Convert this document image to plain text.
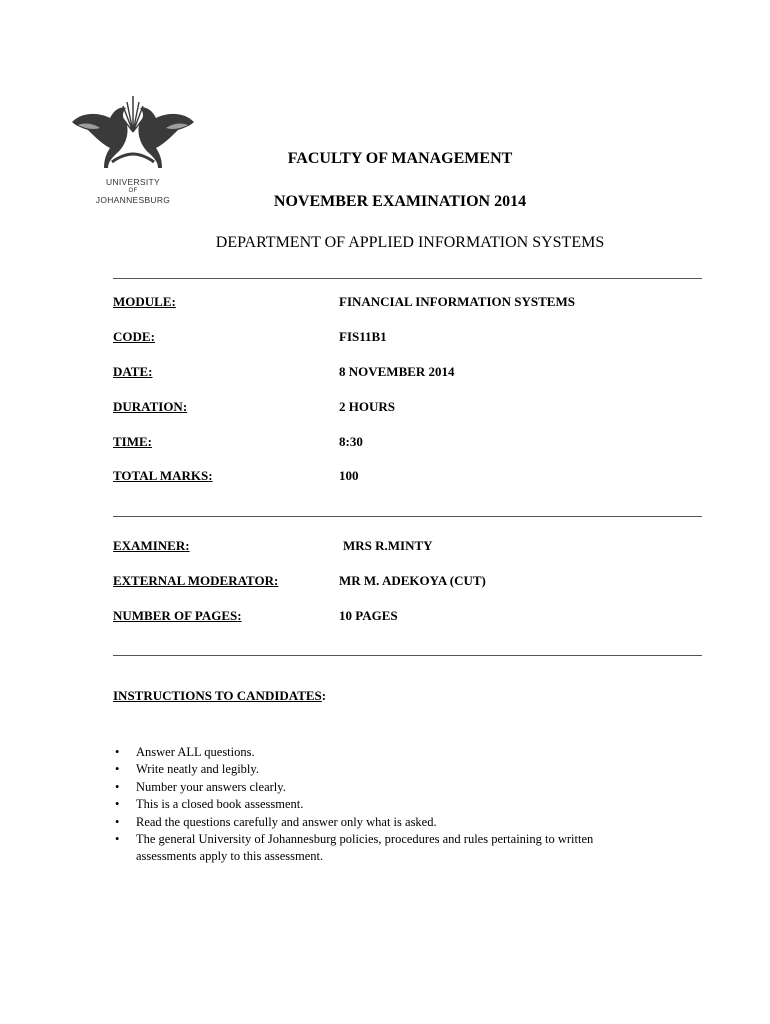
UNIVERSITY
OF
JOHANNESBURG
FACULTY OF MANAGEMENT
NOVEMBER EXAMINATION 2014
DEPARTMENT OF APPLIED INFORMATION SYSTEMS
MODULE:	FINANCIAL INFORMATION SYSTEMS
CODE:	FIS11B1
DATE:	8 NOVEMBER 2014
DURATION:	2 HOURS
TIME:	8:30
TOTAL MARKS:	100
EXAMINER:	MRS R.MINTY
EXTERNAL MODERATOR:	MR M. ADEKOYA (CUT)
NUMBER OF PAGES:	10 PAGES
INSTRUCTIONS TO CANDIDATES:
• Answer ALL questions.
• Write neatly and legibly.
• Number your answers clearly.
• This is a closed book assessment.
• Read the questions carefully and answer only what is asked.
• The general University of Johannesburg policies, procedures and rules pertaining to written assessments apply to this assessment.
